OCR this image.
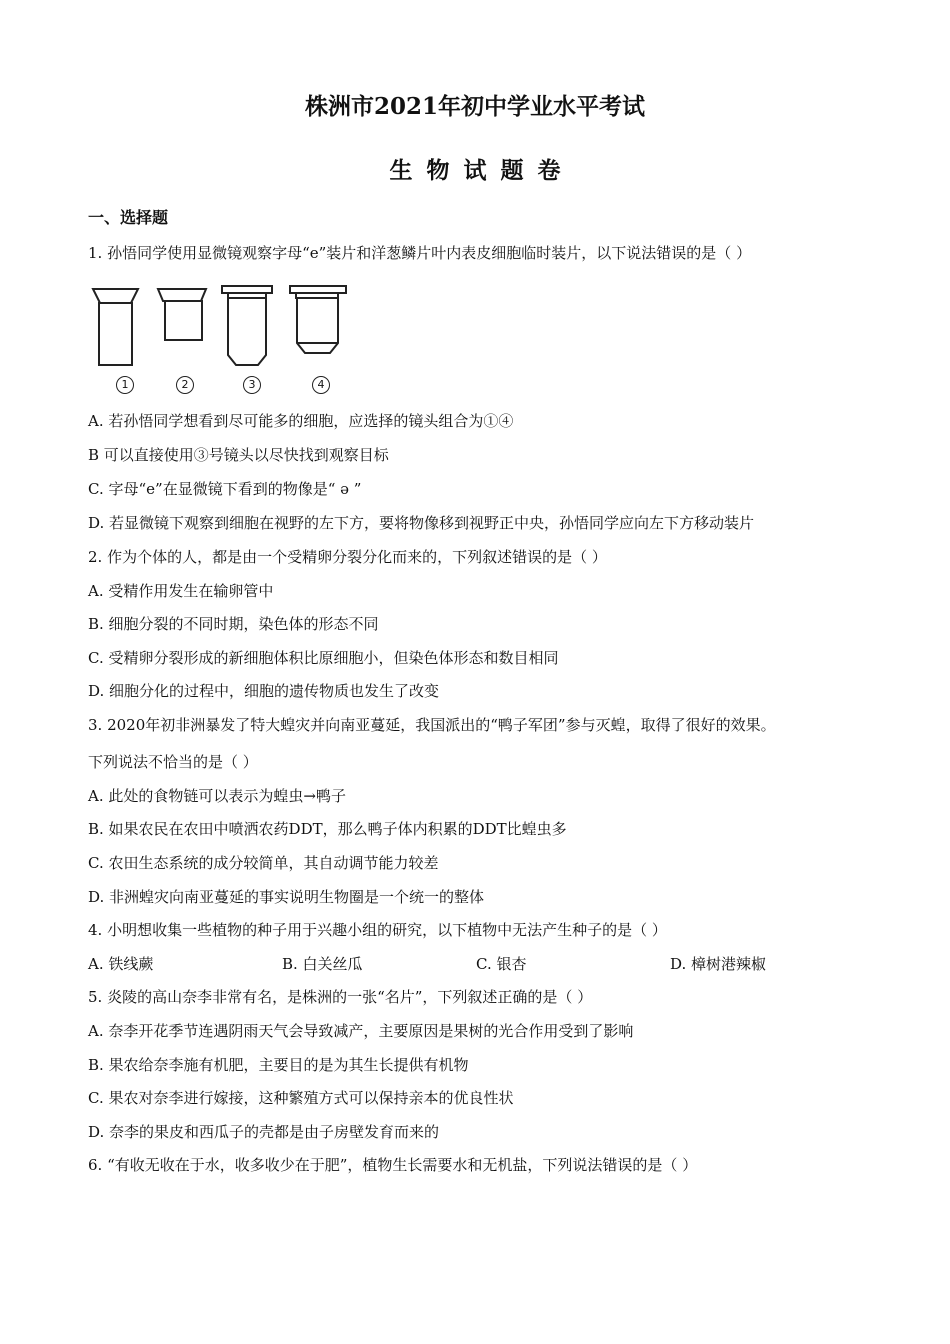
株洲市2021年初中学业水平考试
生物试题卷
一、选择题
1. 孙悟同学使用显微镜观察字母“e”装片和洋葱鳞片叶内表皮细胞临时装片，以下说法错误的是（ ）
1	2	3	4
A. 若孙悟同学想看到尽可能多的细胞，应选择的镜头组合为①④
B 可以直接使用③号镜头以尽快找到观察目标
C. 字母“e”在显微镜下看到的物像是“ ə ”
D. 若显微镜下观察到细胞在视野的左下方，要将物像移到视野正中央，孙悟同学应向左下方移动装片
2. 作为个体的人，都是由一个受精卵分裂分化而来的，下列叙述错误的是（ ）
A. 受精作用发生在输卵管中
B. 细胞分裂的不同时期，染色体的形态不同
C. 受精卵分裂形成的新细胞体积比原细胞小，但染色体形态和数目相同
D. 细胞分化的过程中，细胞的遗传物质也发生了改变
3. 2020年初非洲暴发了特大蝗灾并向南亚蔓延，我国派出的“鸭子军团”参与灭蝗，取得了很好的效果。
下列说法不恰当的是（ ）
A. 此处的食物链可以表示为蝗虫→鸭子
B. 如果农民在农田中喷洒农药DDT，那么鸭子体内积累的DDT比蝗虫多
C. 农田生态系统的成分较简单，其自动调节能力较差
D. 非洲蝗灾向南亚蔓延的事实说明生物圈是一个统一的整体
4. 小明想收集一些植物的种子用于兴趣小组的研究，以下植物中无法产生种子的是（ ）
A. 铁线蕨	B. 白关丝瓜	C. 银杏	D. 樟树港辣椒
5. 炎陵的高山奈李非常有名，是株洲的一张“名片”，下列叙述正确的是（ ）
A. 奈李开花季节连遇阴雨天气会导致减产，主要原因是果树的光合作用受到了影响
B. 果农给奈李施有机肥，主要目的是为其生长提供有机物
C. 果农对奈李进行嫁接，这种繁殖方式可以保持亲本的优良性状
D. 奈李的果皮和西瓜子的壳都是由子房壁发育而来的
6. “有收无收在于水，收多收少在于肥”，植物生长需要水和无机盐，下列说法错误的是（ ）
